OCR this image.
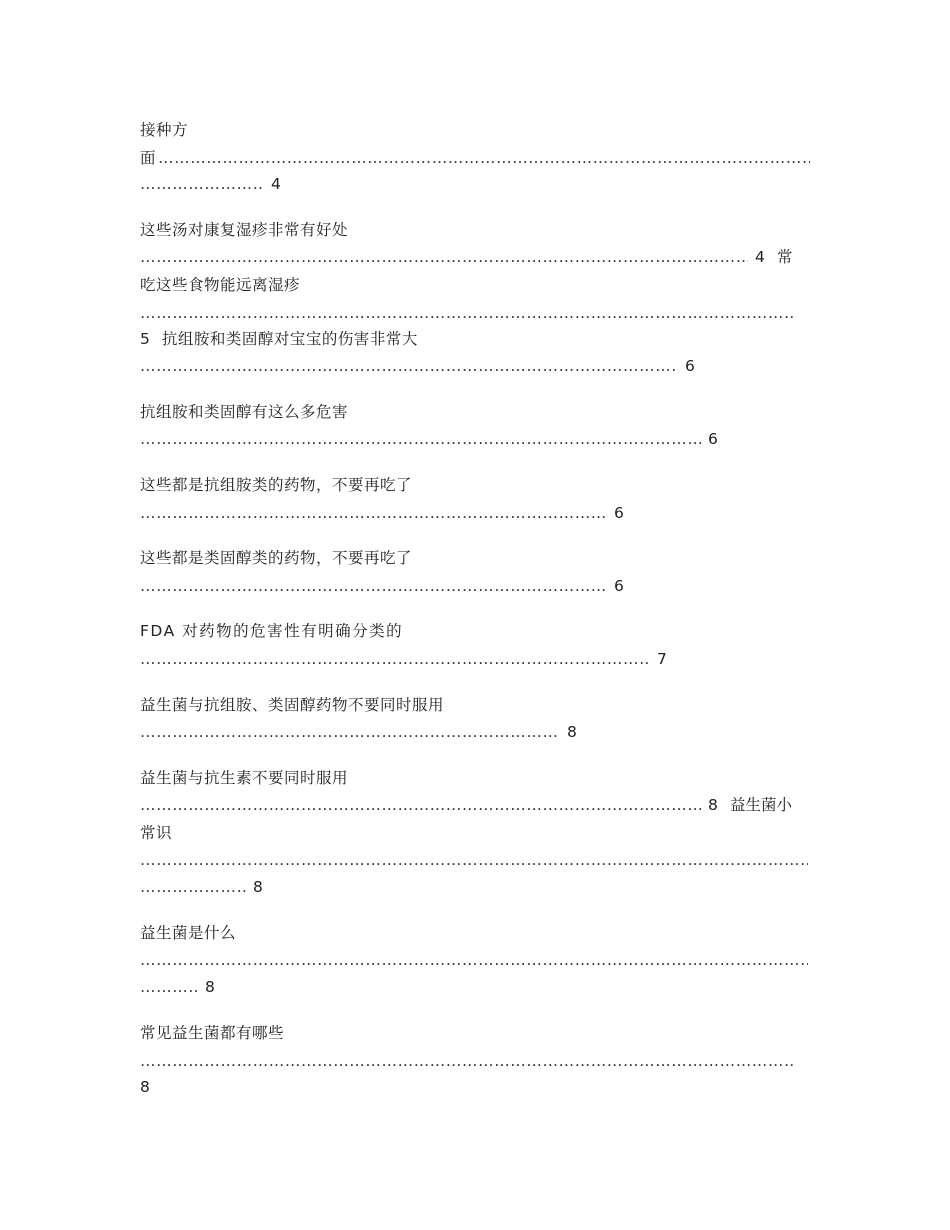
接种方
面
……………………………………………………………………………………………………………………………………………………………………………………
……………………………………………………………………………………………………………………………………………………………………………………
4
这些汤对康复湿疹非常有好处
……………………………………………………………………………………………………………………………………………………………………………………
4 常
吃这些食物能远离湿疹
……………………………………………………………………………………………………………………………………………………………………………………
5 抗组胺和类固醇对宝宝的伤害非常大
……………………………………………………………………………………………………………………………………………………………………………………
6
抗组胺和类固醇有这么多危害
……………………………………………………………………………………………………………………………………………………………………………………
6
这些都是抗组胺类的药物，不要再吃了
……………………………………………………………………………………………………………………………………………………………………………………
6
这些都是类固醇类的药物，不要再吃了
……………………………………………………………………………………………………………………………………………………………………………………
6
FDA 对药物的危害性有明确分类的
……………………………………………………………………………………………………………………………………………………………………………………
7
益生菌与抗组胺、类固醇药物不要同时服用
……………………………………………………………………………………………………………………………………………………………………………………
8
益生菌与抗生素不要同时服用
……………………………………………………………………………………………………………………………………………………………………………………
8 益生菌小
常识
……………………………………………………………………………………………………………………………………………………………………………………
……………………………………………………………………………………………………………………………………………………………………………………
8
益生菌是什么
……………………………………………………………………………………………………………………………………………………………………………………
……………………………………………………………………………………………………………………………………………………………………………………
8
常见益生菌都有哪些
……………………………………………………………………………………………………………………………………………………………………………………
8
